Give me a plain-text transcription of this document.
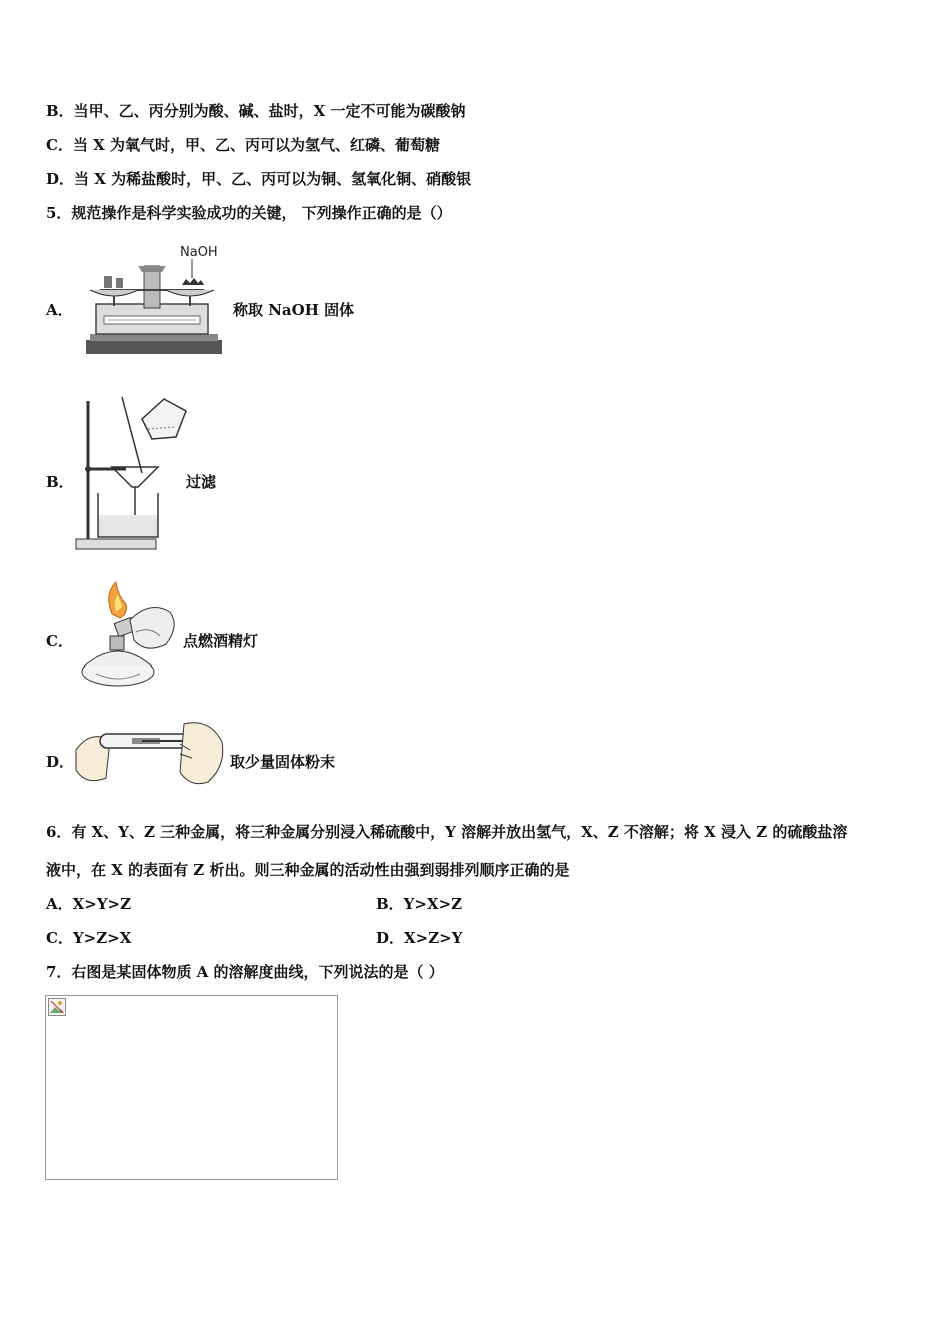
B．当甲、乙、丙分别为酸、碱、盐时，X 一定不可能为碳酸钠
C．当 X 为氧气时，甲、乙、丙可以为氢气、红磷、葡萄糖
D．当 X 为稀盐酸时，甲、乙、丙可以为铜、氢氧化铜、硝酸银
5．规范操作是科学实验成功的关键， 下列操作正确的是（）
A．
NaOH
称取 NaOH 固体
B．	过滤
C．	点燃酒精灯
D．	取少量固体粉末
6．有 X、Y、Z 三种金属，将三种金属分别浸入稀硫酸中，Y 溶解并放出氢气，X、Z 不溶解；将 X 浸入 Z 的硫酸盐溶
液中，在 X 的表面有 Z 析出。则三种金属的活动性由强到弱排列顺序正确的是
A．X>Y>Z	B．Y>X>Z
C．Y>Z>X	D．X>Z>Y
7．右图是某固体物质 A 的溶解度曲线，下列说法的是（ ）
